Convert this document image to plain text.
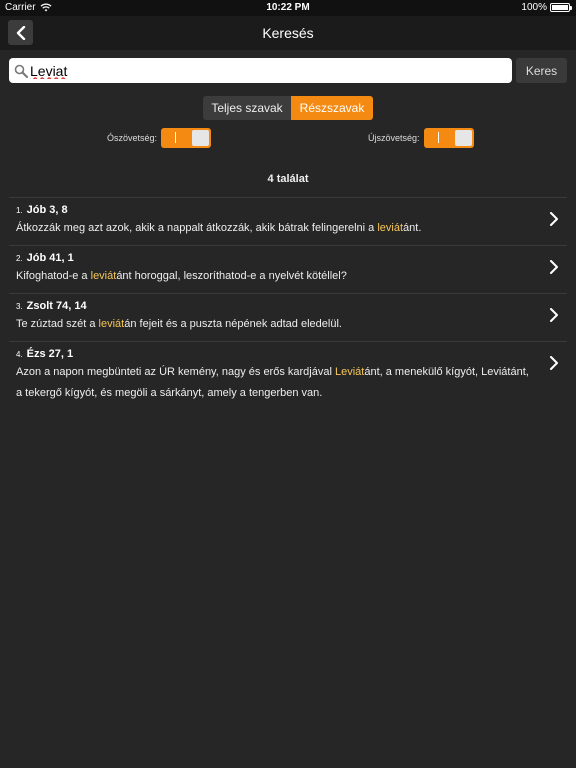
Carrier	10:22 PM	100%
Keresés
Leviat
Keres
Teljes szavak	Részszavak
Ószövetség:	Újszövetség:
4 találat
1. Jób 3, 8
Átkozzák meg azt azok, akik a nappalt átkozzák, akik bátrak felingerelni a leviátánt.
2. Jób 41, 1
Kifoghatod-e a leviátánt horoggal, leszoríthatod-e a nyelvét kötéllel?
3. Zsolt 74, 14
Te zúztad szét a leviátán fejeit és a puszta népének adtad eledelül.
4. Ézs 27, 1
Azon a napon megbünteti az ÚR kemény, nagy és erős kardjával Leviátánt, a menekülő kígyót, Leviátánt,
a tekergő kígyót, és megöli a sárkányt, amely a tengerben van.
